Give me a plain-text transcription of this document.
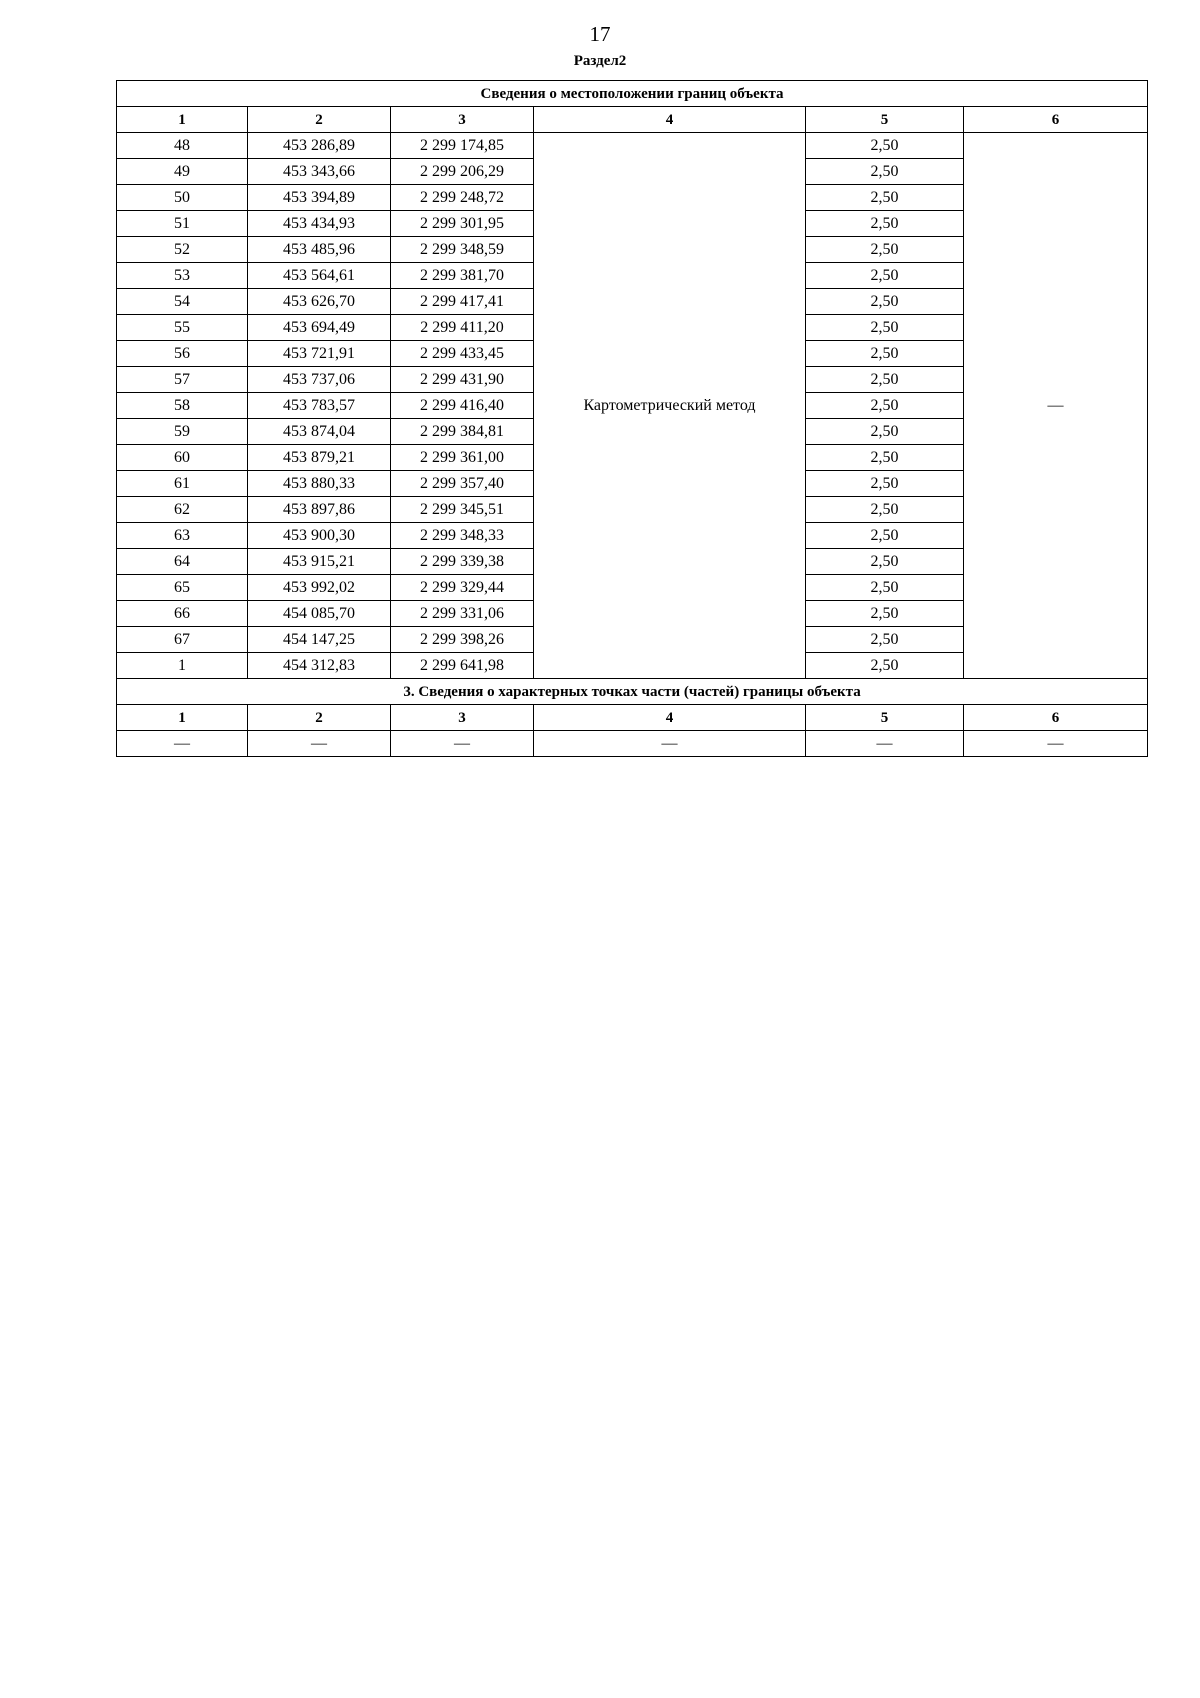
17
Раздел2
Сведения о местоположении границ объекта					
1	2	3	4	5	6
48	453 286,89	2 299 174,85	Картометрический метод	2,50	—
49	453 343,66	2 299 206,29		2,50	
50	453 394,89	2 299 248,72		2,50	
51	453 434,93	2 299 301,95		2,50	
52	453 485,96	2 299 348,59		2,50	
53	453 564,61	2 299 381,70		2,50	
54	453 626,70	2 299 417,41		2,50	
55	453 694,49	2 299 411,20		2,50	
56	453 721,91	2 299 433,45		2,50	
57	453 737,06	2 299 431,90		2,50	
58	453 783,57	2 299 416,40		2,50	
59	453 874,04	2 299 384,81		2,50	
60	453 879,21	2 299 361,00		2,50	
61	453 880,33	2 299 357,40		2,50	
62	453 897,86	2 299 345,51		2,50	
63	453 900,30	2 299 348,33		2,50	
64	453 915,21	2 299 339,38		2,50	
65	453 992,02	2 299 329,44		2,50	
66	454 085,70	2 299 331,06		2,50	
67	454 147,25	2 299 398,26		2,50	
1	454 312,83	2 299 641,98		2,50	
3. Сведения о характерных точках части (частей) границы объекта					
1	2	3	4	5	6
—	—	—	—	—	—
